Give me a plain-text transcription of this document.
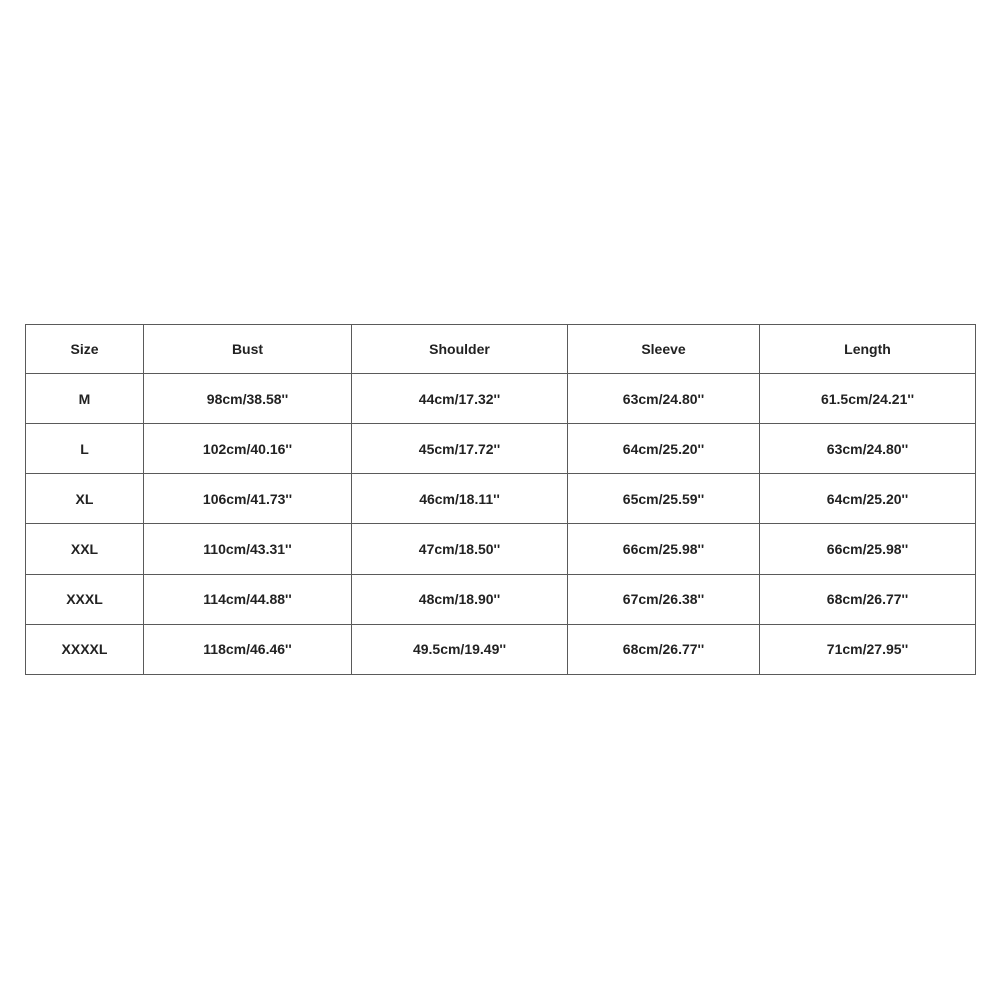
Size	Bust	Shoulder	Sleeve	Length
M	98cm/38.58''	44cm/17.32''	63cm/24.80''	61.5cm/24.21''
L	102cm/40.16''	45cm/17.72''	64cm/25.20''	63cm/24.80''
XL	106cm/41.73''	46cm/18.11''	65cm/25.59''	64cm/25.20''
XXL	110cm/43.31''	47cm/18.50''	66cm/25.98''	66cm/25.98''
XXXL	114cm/44.88''	48cm/18.90''	67cm/26.38''	68cm/26.77''
XXXXL	118cm/46.46''	49.5cm/19.49''	68cm/26.77''	71cm/27.95''
